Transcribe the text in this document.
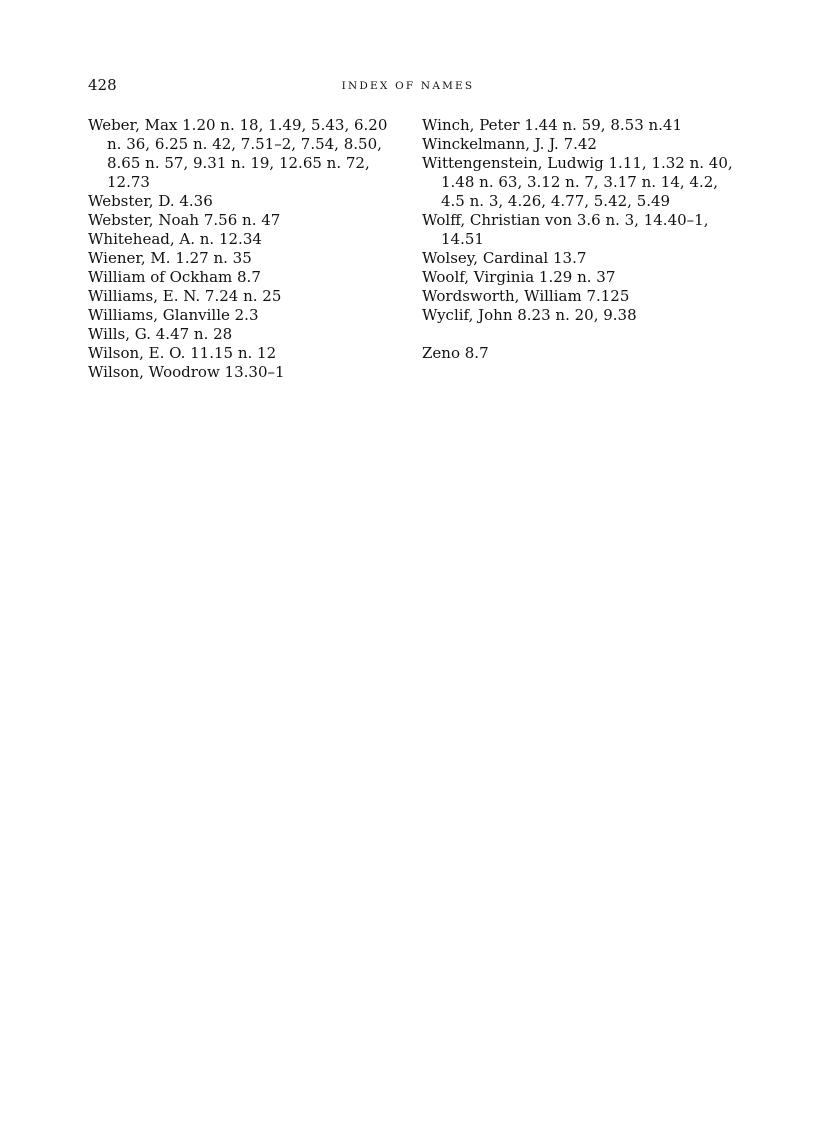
428	INDEX OF NAMES

Weber, Max 1.20 n. 18, 1.49, 5.43, 6.20 n. 36, 6.25 n. 42, 7.51–2, 7.54, 8.50, 8.65 n. 57, 9.31 n. 19, 12.65 n. 72, 12.73

Webster, D. 4.36

Webster, Noah 7.56 n. 47

Whitehead, A. n. 12.34

Wiener, M. 1.27 n. 35

William of Ockham 8.7

Williams, E. N. 7.24 n. 25

Williams, Glanville 2.3

Wills, G. 4.47 n. 28

Wilson, E. O. 11.15 n. 12

Wilson, Woodrow 13.30–1

Winch, Peter 1.44 n. 59, 8.53 n.41

Winckelmann, J. J. 7.42

Wittengenstein, Ludwig 1.11, 1.32 n. 40, 1.48 n. 63, 3.12 n. 7, 3.17 n. 14, 4.2, 4.5 n. 3, 4.26, 4.77, 5.42, 5.49

Wolff, Christian von 3.6 n. 3, 14.40–1, 14.51

Wolsey, Cardinal 13.7

Woolf, Virginia 1.29 n. 37

Wordsworth, William 7.125

Wyclif, John 8.23 n. 20, 9.38

Zeno 8.7
